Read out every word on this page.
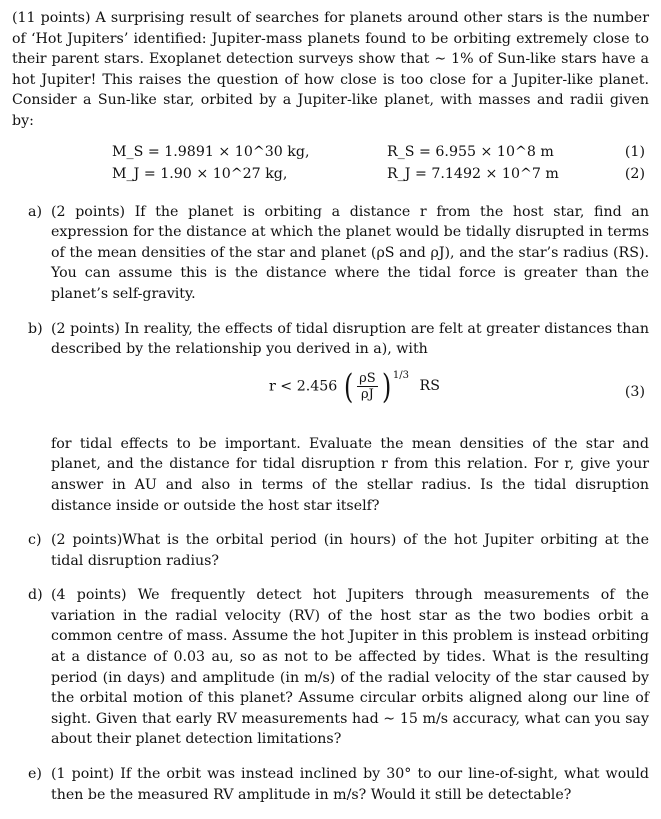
(11 points) A surprising result of searches for planets around other stars is the number of ‘Hot Jupiters’ identified: Jupiter-mass planets found to be orbiting extremely close to their parent stars. Exoplanet detection surveys show that ∼ 1% of Sun-like stars have a hot Jupiter! This raises the question of how close is too close for a Jupiter-like planet. Consider a Sun-like star, orbited by a Jupiter-like planet, with masses and radii given by:

M_S = 1.9891 × 10^30 kg,	R_S = 6.955 × 10^8 m	(1)
M_J = 1.90 × 10^27 kg,	R_J = 7.1492 × 10^7 m	(2)
a) (2 points) If the planet is orbiting a distance r from the host star, find an expression for the distance at which the planet would be tidally disrupted in terms of the mean densities of the star and planet (ρS and ρJ), and the star’s radius (RS). You can assume this is the distance where the tidal force is greater than the planet’s self-gravity.

b) (2 points) In reality, the effects of tidal disruption are felt at greater distances than described by the relationship you derived in a), with

r < 2.456 ( $\frac{\rho S}{\rho J}$ ) 1/3 RS	(3)

for tidal effects to be important. Evaluate the mean densities of the star and planet, and the distance for tidal disruption r from this relation. For r, give your answer in AU and also in terms of the stellar radius. Is the tidal disruption distance inside or outside the host star itself?

c) (2 points)What is the orbital period (in hours) of the hot Jupiter orbiting at the tidal disruption radius?

d) (4 points) We frequently detect hot Jupiters through measurements of the variation in the radial velocity (RV) of the host star as the two bodies orbit a common centre of mass. Assume the hot Jupiter in this problem is instead orbiting at a distance of 0.03 au, so as not to be affected by tides. What is the resulting period (in days) and amplitude (in m/s) of the radial velocity of the star caused by the orbital motion of this planet? Assume circular orbits aligned along our line of sight. Given that early RV measurements had ∼ 15 m/s accuracy, what can you say about their planet detection limitations?

e) (1 point) If the orbit was instead inclined by 30° to our line-of-sight, what would then be the measured RV amplitude in m/s? Would it still be detectable?
